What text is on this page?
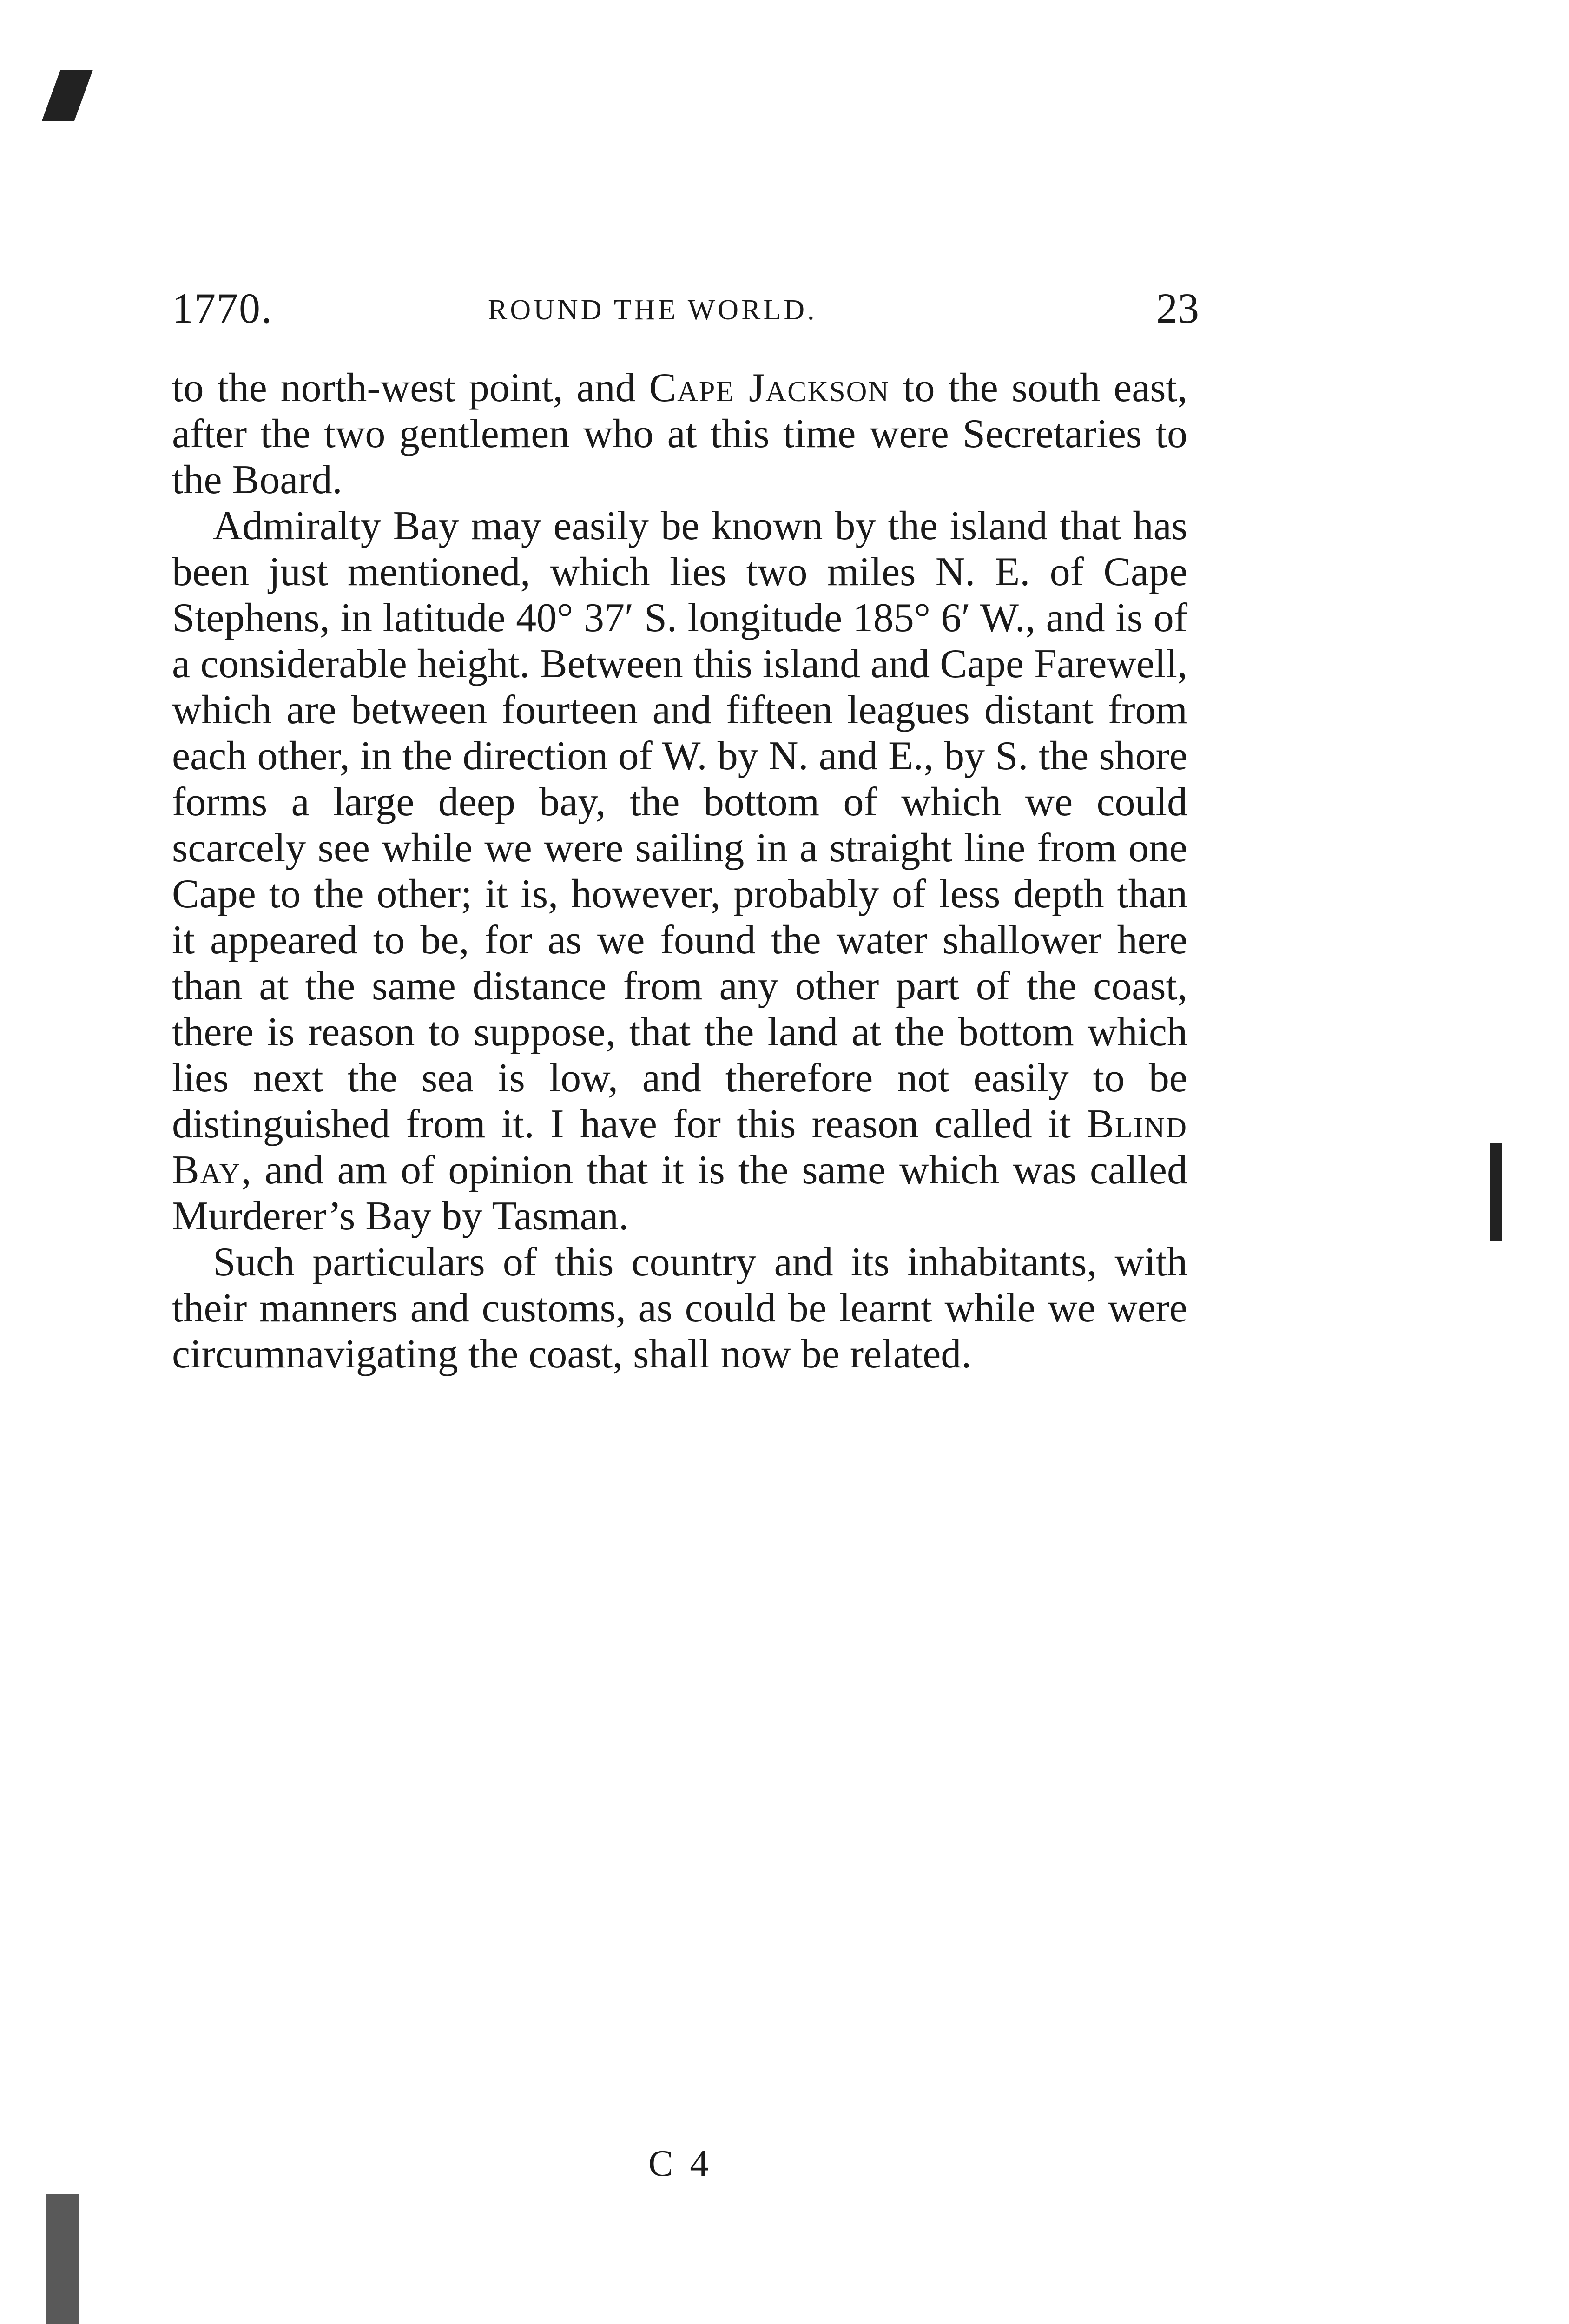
1770.	ROUND THE WORLD.	23

to the north-west point, and Cape Jackson to the south east, after the two gentlemen who at this time were Secretaries to the Board.

Admiralty Bay may easily be known by the island that has been just mentioned, which lies two miles N. E. of Cape Stephens, in latitude 40° 37′ S. longitude 185° 6′ W., and is of a considerable height. Between this island and Cape Farewell, which are between fourteen and fifteen leagues distant from each other, in the direction of W. by N. and E., by S. the shore forms a large deep bay, the bottom of which we could scarcely see while we were sailing in a straight line from one Cape to the other; it is, however, probably of less depth than it appeared to be, for as we found the water shallower here than at the same distance from any other part of the coast, there is reason to suppose, that the land at the bottom which lies next the sea is low, and therefore not easily to be distinguished from it. I have for this reason called it Blind Bay, and am of opinion that it is the same which was called Murderer’s Bay by Tasman.

Such particulars of this country and its inhabitants, with their manners and customs, as could be learnt while we were circumnavigating the coast, shall now be related.

C 4
